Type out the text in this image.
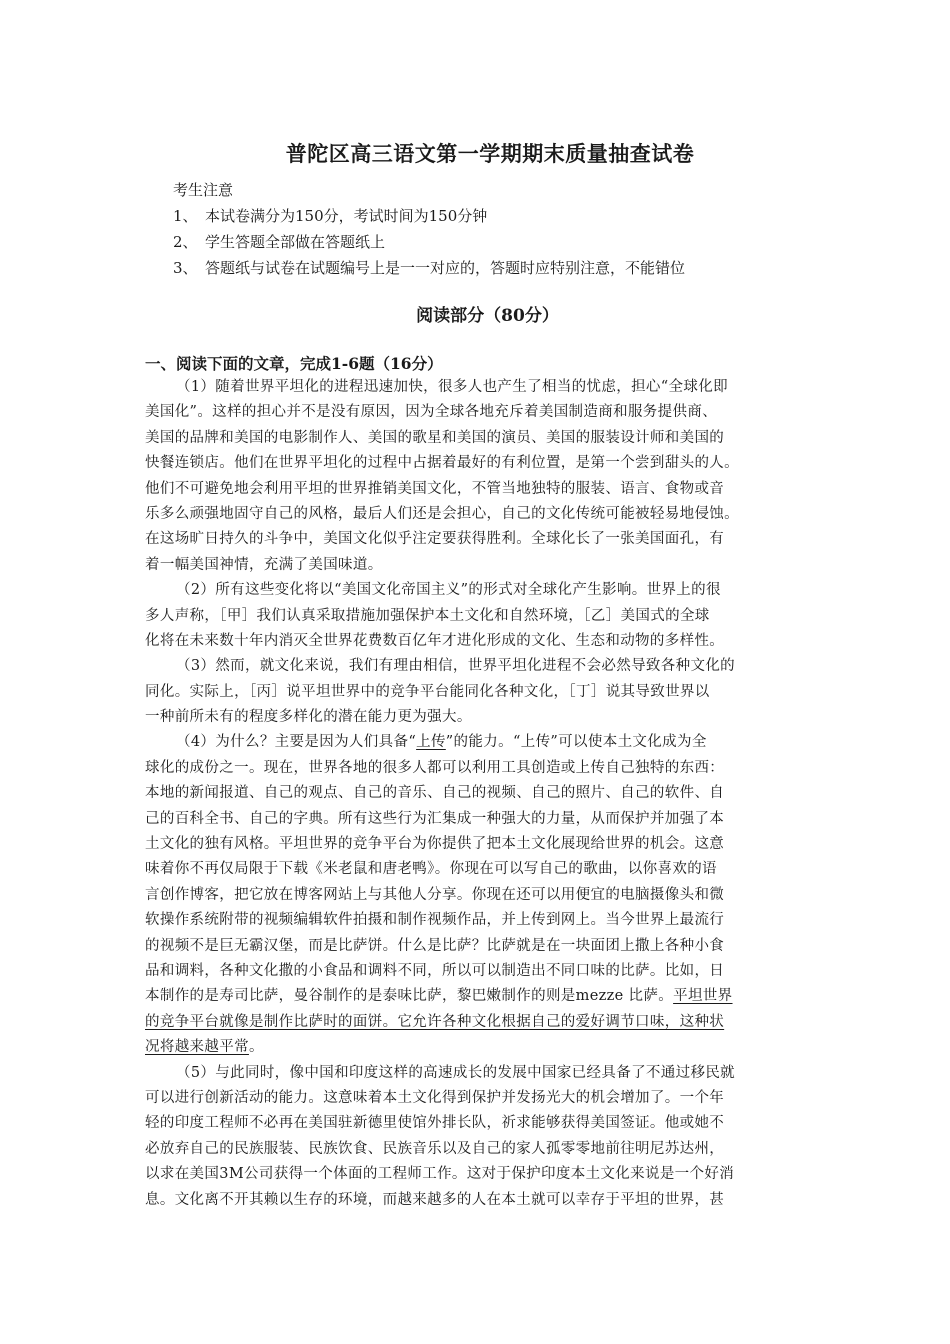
普陀区高三语文第一学期期末质量抽查试卷
考生注意
1、 本试卷满分为150分，考试时间为150分钟
2、 学生答题全部做在答题纸上
3、 答题纸与试卷在试题编号上是一一对应的，答题时应特别注意，不能错位
阅读部分（80分）
一、阅读下面的文章，完成1-6题（16分）
（1）随着世界平坦化的进程迅速加快，很多人也产生了相当的忧虑，担心“全球化即
美国化”。这样的担心并不是没有原因，因为全球各地充斥着美国制造商和服务提供商、
美国的品牌和美国的电影制作人、美国的歌星和美国的演员、美国的服装设计师和美国的
快餐连锁店。他们在世界平坦化的过程中占据着最好的有利位置，是第一个尝到甜头的人。
他们不可避免地会利用平坦的世界推销美国文化，不管当地独特的服装、语言、食物或音
乐多么顽强地固守自己的风格，最后人们还是会担心，自己的文化传统可能被轻易地侵蚀。
在这场旷日持久的斗争中，美国文化似乎注定要获得胜利。全球化长了一张美国面孔，有
着一幅美国神情，充满了美国味道。
（2）所有这些变化将以“美国文化帝国主义”的形式对全球化产生影响。世界上的很
多人声称，［甲］我们认真采取措施加强保护本土文化和自然环境，［乙］美国式的全球
化将在未来数十年内消灭全世界花费数百亿年才进化形成的文化、生态和动物的多样性。
（3）然而，就文化来说，我们有理由相信，世界平坦化进程不会必然导致各种文化的
同化。实际上，［丙］说平坦世界中的竞争平台能同化各种文化，［丁］说其导致世界以
一种前所未有的程度多样化的潜在能力更为强大。
（4）为什么？主要是因为人们具备“上传”的能力。“上传”可以使本土文化成为全
球化的成份之一。现在，世界各地的很多人都可以利用工具创造或上传自己独特的东西：
本地的新闻报道、自己的观点、自己的音乐、自己的视频、自己的照片、自己的软件、自
己的百科全书、自己的字典。所有这些行为汇集成一种强大的力量，从而保护并加强了本
土文化的独有风格。平坦世界的竞争平台为你提供了把本土文化展现给世界的机会。这意
味着你不再仅局限于下载《米老鼠和唐老鸭》。你现在可以写自己的歌曲，以你喜欢的语
言创作博客，把它放在博客网站上与其他人分享。你现在还可以用便宜的电脑摄像头和微
软操作系统附带的视频编辑软件拍摄和制作视频作品，并上传到网上。当今世界上最流行
的视频不是巨无霸汉堡，而是比萨饼。什么是比萨？比萨就是在一块面团上撒上各种小食
品和调料，各种文化撒的小食品和调料不同，所以可以制造出不同口味的比萨。比如，日
本制作的是寿司比萨，曼谷制作的是泰味比萨，黎巴嫩制作的则是mezze 比萨。平坦世界
的竞争平台就像是制作比萨时的面饼。它允许各种文化根据自己的爱好调节口味，这种状
况将越来越平常。
（5）与此同时，像中国和印度这样的高速成长的发展中国家已经具备了不通过移民就
可以进行创新活动的能力。这意味着本土文化得到保护并发扬光大的机会增加了。一个年
轻的印度工程师不必再在美国驻新德里使馆外排长队，祈求能够获得美国签证。他或她不
必放弃自己的民族服装、民族饮食、民族音乐以及自己的家人孤零零地前往明尼苏达州，
以求在美国3M公司获得一个体面的工程师工作。这对于保护印度本土文化来说是一个好消
息。文化离不开其赖以生存的环境，而越来越多的人在本土就可以幸存于平坦的世界，甚
